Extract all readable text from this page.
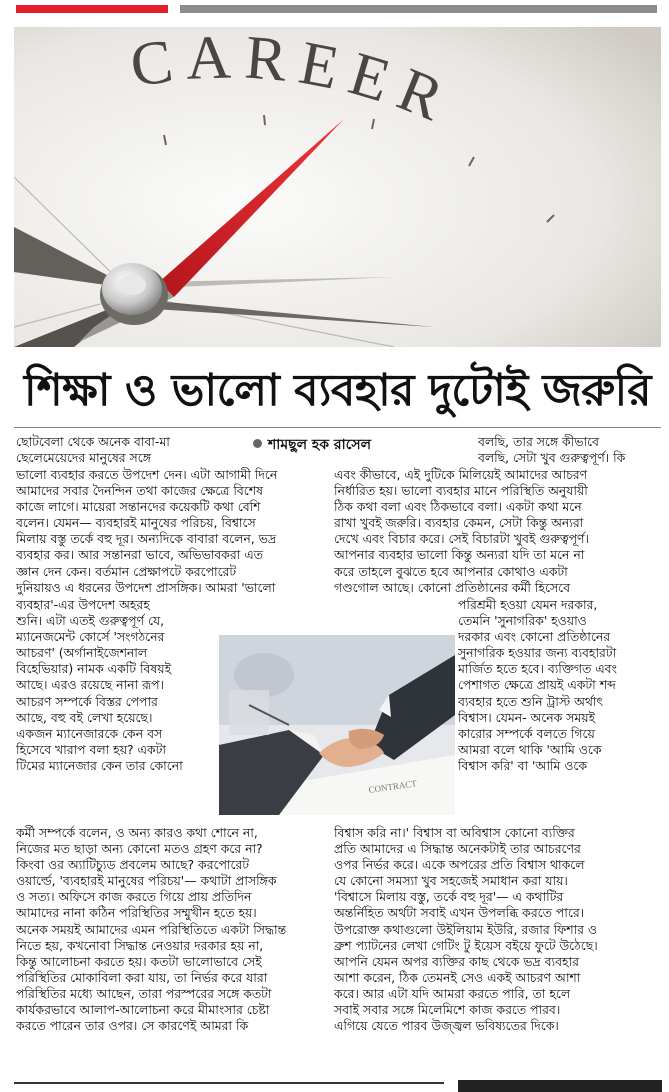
CAREER
শিক্ষা ও ভালো ব্যবহার দুটোই জরুরি
ছোটবেলা থেকে অনেক বাবা-মা
ছেলেমেয়েদের মানুষের সঙ্গে
শামছুল হক রাসেল
ভালো ব্যবহার করতে উপদেশ দেন। এটা আগামী দিনে
আমাদের সবার দৈনন্দিন তথা কাজের ক্ষেত্রে বিশেষ
কাজে লাগে। মায়েরা সন্তানদের কয়েকটি কথা বেশি
বলেন। যেমন— ব্যবহারই মানুষের পরিচয়, বিশ্বাসে
মিলায় বস্তু তর্কে বহু দূর। অন্যদিকে বাবারা বলেন, ভদ্র
ব্যবহার কর। আর সন্তানরা ভাবে, অভিভাবকরা এত
জ্ঞান দেন কেন। বর্তমান প্রেক্ষাপটে করপোরেট
দুনিয়ায়ও এ ধরনের উপদেশ প্রাসঙ্গিক। আমরা 'ভালো
ব্যবহার'-এর উপদেশ অহরহ
শুনি। এটা এতই গুরুত্বপূর্ণ যে,
ম্যানেজমেন্ট কোর্সে 'সংগঠনের
আচরণ' (অর্গানাইজেশনাল
বিহেভিয়ার) নামক একটি বিষয়ই
আছে। এরও রয়েছে নানা রূপ।
আচরণ সম্পর্কে বিস্তর পেপার
আছে, বহু বই লেখা হয়েছে।
একজন ম্যানেজারকে কেন বস
হিসেবে খারাপ বলা হয়? একটা
টিমের ম্যানেজার কেন তার কোনো
CONTRACT
কর্মী সম্পর্কে বলেন, ও অন্য কারও কথা শোনে না,
নিজের মত ছাড়া অন্য কোনো মতও গ্রহণ করে না?
কিংবা ওর অ্যাটিচ্যুড প্রবলেম আছে? করপোরেট
ওয়ার্ল্ডে, 'ব্যবহারই মানুষের পরিচয়'— কথাটা প্রাসঙ্গিক
ও সত্য। অফিসে কাজ করতে গিয়ে প্রায় প্রতিদিন
আমাদের নানা কঠিন পরিস্থিতির সম্মুখীন হতে হয়।
অনেক সময়ই আমাদের এমন পরিস্থিতিতে একটা সিদ্ধান্ত
নিতে হয়, কখনোবা সিদ্ধান্ত নেওয়ার দরকার হয় না,
কিন্তু আলোচনা করতে হয়। কতটা ভালোভাবে সেই
পরিস্থিতির মোকাবিলা করা যায়, তা নির্ভর করে যারা
পরিস্থিতির মধ্যে আছেন, তারা পরস্পরের সঙ্গে কতটা
কার্যকরভাবে আলাপ-আলোচনা করে মীমাংসার চেষ্টা
করতে পারেন তার ওপর। সে কারণেই আমরা কি
বলছি, তার সঙ্গে কীভাবে
বলছি, সেটা খুব গুরুত্বপূর্ণ। কি
এবং কীভাবে, এই দুটিকে মিলিয়েই আমাদের আচরণ
নির্ধারিত হয়। ভালো ব্যবহার মানে পরিস্থিতি অনুযায়ী
ঠিক কথা বলা এবং ঠিকভাবে বলা। একটা কথা মনে
রাখা খুবই জরুরি। ব্যবহার কেমন, সেটা কিন্তু অন্যরা
দেখে এবং বিচার করে। সেই বিচারটা খুবই গুরুত্বপূর্ণ।
আপনার ব্যবহার ভালো কিন্তু অন্যরা যদি তা মনে না
করে তাহলে বুঝতে হবে আপনার কোথাও একটা
গণ্ডগোল আছে। কোনো প্রতিষ্ঠানের কর্মী হিসেবে
পরিশ্রমী হওয়া যেমন দরকার,
তেমনি 'সুনাগরিক' হওয়াও
দরকার এবং কোনো প্রতিষ্ঠানের
সুনাগরিক হওয়ার জন্য ব্যবহারটা
মার্জিত হতে হবে। ব্যক্তিগত এবং
পেশাগত ক্ষেত্রে প্রায়ই একটা শব্দ
ব্যবহার হতে শুনি ট্রাস্ট অর্থাৎ
বিশ্বাস। যেমন- অনেক সময়ই
কারোর সম্পর্কে বলতে গিয়ে
আমরা বলে থাকি 'আমি ওকে
বিশ্বাস করি' বা 'আমি ওকে
বিশ্বাস করি না।' বিশ্বাস বা অবিশ্বাস কোনো ব্যক্তির
প্রতি আমাদের এ সিদ্ধান্ত অনেকটাই তার আচরণের
ওপর নির্ভর করে। একে অপরের প্রতি বিশ্বাস থাকলে
যে কোনো সমস্যা খুব সহজেই সমাধান করা যায়।
'বিশ্বাসে মিলায় বস্তু, তর্কে বহু দূর'— এ কথাটির
অন্তর্নিহিত অর্থটা সবাই এখন উপলব্ধি করতে পারে।
উপরোক্ত কথাগুলো উইলিয়াম ইউরি, রজার ফিশার ও
ব্রুশ প্যাটনের লেখা গেটিং টু ইয়েস বইয়ে ফুটে উঠেছে।
আপনি যেমন অপর ব্যক্তির কাছ থেকে ভদ্র ব্যবহার
আশা করেন, ঠিক তেমনই সেও একই আচরণ আশা
করে। আর এটা যদি আমরা করতে পারি, তা হলে
সবাই সবার সঙ্গে মিলেমিশে কাজ করতে পারব।
এগিয়ে যেতে পারব উজ্জ্বল ভবিষ্যতের দিকে।
